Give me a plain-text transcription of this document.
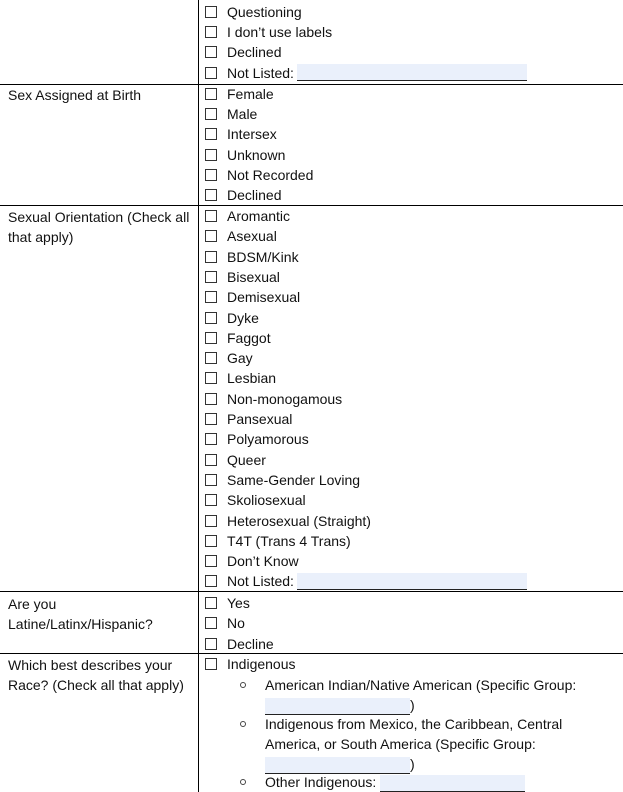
Questioning
I don’t use labels
Declined
Not Listed:
Sex Assigned at Birth	Female
Male
Intersex
Unknown
Not Recorded
Declined
Sexual Orientation (Check all that apply)
Aromantic
Asexual
BDSM/Kink
Bisexual
Demisexual
Dyke
Faggot
Gay
Lesbian
Non-monogamous
Pansexual
Polyamorous
Queer
Same-Gender Loving
Skoliosexual
Heterosexual (Straight)
T4T (Trans 4 Trans)
Don’t Know
Not Listed:
Are you Latine/Latinx/Hispanic?
Yes
No
Decline
Which best describes your Race? (Check all that apply)
Indigenous
American Indian/Native American (Specific Group:
)
Indigenous from Mexico, the Caribbean, Central America, or South America (Specific Group:
)
Other Indigenous:
